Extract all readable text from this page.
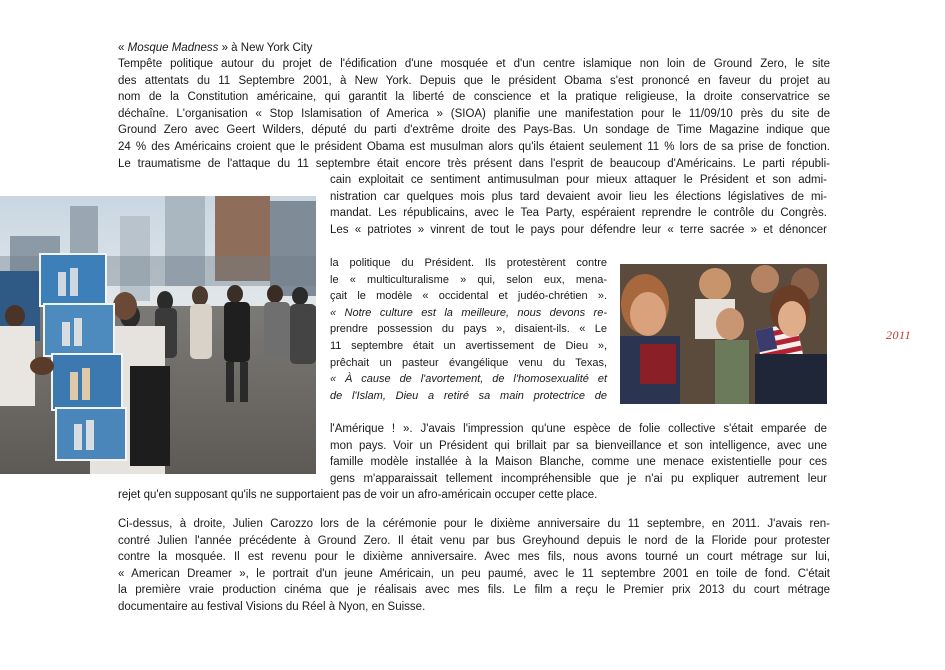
« Mosque Madness » à New York City
Tempête politique autour du projet de l'édification d'une mosquée et d'un centre islamique non loin de Ground Zero, le site
des attentats du 11 Septembre 2001, à New York. Depuis que le président Obama s'est prononcé en faveur du projet au
nom de la Constitution américaine, qui garantit la liberté de conscience et la pratique religieuse, la droite conservatrice se
déchaîne. L'organisation « Stop Islamisation of America » (SIOA) planifie une manifestation pour le 11/09/10 près du site de
Ground Zero avec Geert Wilders, député du parti d'extrême droite des Pays-Bas. Un sondage de Time Magazine indique que
24 % des Américains croient que le président Obama est musulman alors qu'ils étaient seulement 11 % lors de sa prise de fonction.
Le traumatisme de l'attaque du 11 septembre était encore très présent dans l'esprit de beaucoup d'Américains. Le parti républi-
cain exploitait ce sentiment antimusulman pour mieux attaquer le Président et son admi-
nistration car quelques mois plus tard devaient avoir lieu les élections législatives de mi-
mandat. Les républicains, avec le Tea Party, espéraient reprendre le contrôle du Congrès.
Les « patriotes » vinrent de tout le pays pour défendre leur « terre sacrée » et dénoncer
la politique du Président. Ils protestèrent contre
le « multiculturalisme » qui, selon eux, mena-
çait le modèle « occidental et judéo-chrétien ».
« Notre culture est la meilleure, nous devons re-
prendre possession du pays », disaient-ils. « Le
11 septembre était un avertissement de Dieu »,
prêchait un pasteur évangélique venu du Texas,
« À cause de l'avortement, de l'homosexualité et
de l'Islam, Dieu a retiré sa main protectrice de
l'Amérique ! ». J'avais l'impression qu'une espèce de folie collective s'était emparée de
mon pays. Voir un Président qui brillait par sa bienveillance et son intelligence, avec une
famille modèle installée à la Maison Blanche, comme une menace existentielle pour ces
gens m'apparaissait tellement incompréhensible que je n'ai pu expliquer autrement leur
rejet qu'en supposant qu'ils ne supportaient pas de voir un afro-américain occuper cette place.
Ci-dessus, à droite, Julien Carozzo lors de la cérémonie pour le dixième anniversaire du 11 septembre, en 2011. J'avais ren-
contré Julien l'année précédente à Ground Zero. Il était venu par bus Greyhound depuis le nord de la Floride pour protester
contre la mosquée. Il est revenu pour le dixième anniversaire. Avec mes fils, nous avons tourné un court métrage sur lui,
« American Dreamer », le portrait d'un jeune Américain, un peu paumé, avec le 11 septembre 2001 en toile de fond. C'était
la première vraie production cinéma que je réalisais avec mes fils. Le film a reçu le Premier prix 2013 du court métrage
documentaire au festival Visions du Réel à Nyon, en Suisse.
2011
